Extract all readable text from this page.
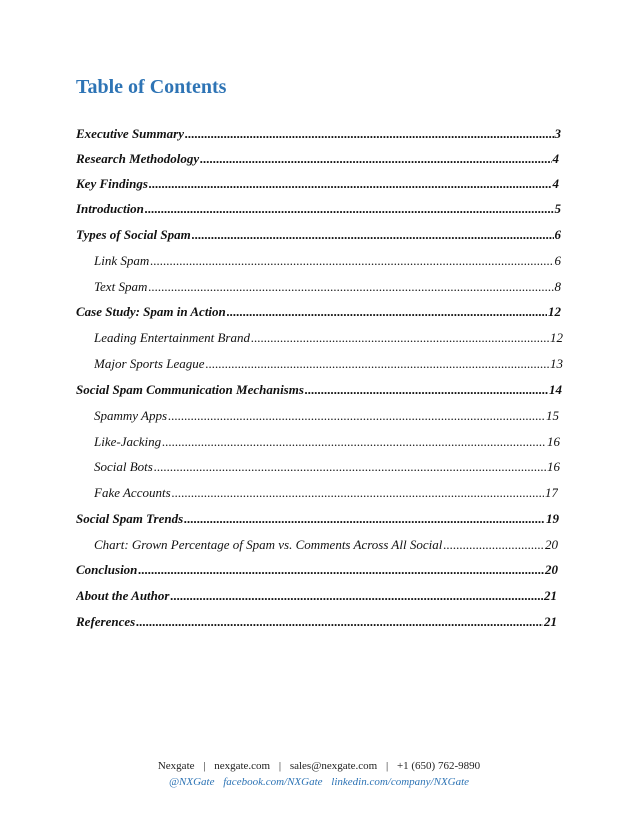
Table of Contents
Executive Summary .....	3
Research Methodology .....	4
Key Findings .....	4
Introduction .....	5
Types of Social Spam .....	6
Link Spam .....	6
Text Spam .....	8
Case Study: Spam in Action .....	12
Leading Entertainment Brand .....	12
Major Sports League .....	13
Social Spam Communication Mechanisms .....	14
Spammy Apps .....	15
Like-Jacking .....	16
Social Bots .....	16
Fake Accounts .....	17
Social Spam Trends .....	19
Chart: Grown Percentage of Spam vs. Comments Across All Social .....	20
Conclusion .....	20
About the Author .....	21
References .....	21
Nexgate | nexgate.com | sales@nexgate.com | +1 (650) 762-9890
@NXGate facebook.com/NXGate linkedin.com/company/NXGate
